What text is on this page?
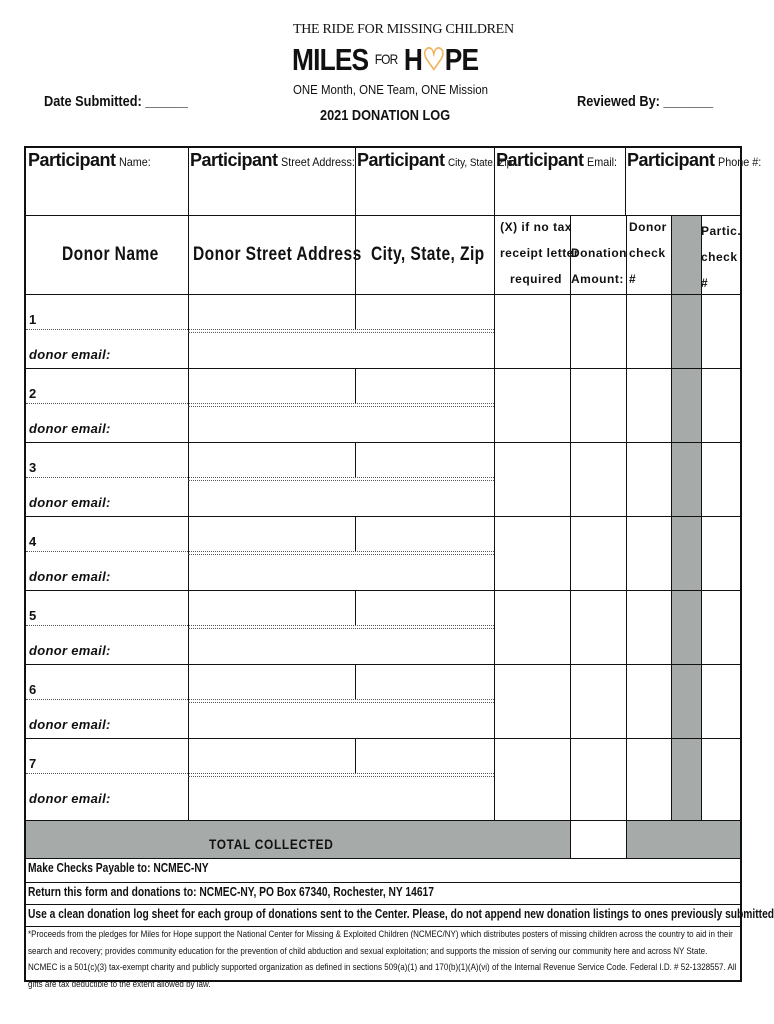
THE RIDE FOR MISSING CHILDREN
MILES FOR H♡PE
ONE Month, ONE Team, ONE Mission
Date Submitted: ______	Reviewed By: _______
2021 DONATION LOG
Participant Name: Participant Street Address: Participant City, State, Zip:
Participant Email: Participant Phone #:
Donor Name Donor Street Address City, State, Zip
(X) if no tax
receipt letter
required
Donation
Amount:
Donor
check
#
Partic.
check
#
TOTAL COLLECTED
Make Checks Payable to: NCMEC-NY
Return this form and donations to: NCMEC-NY, PO Box 67340, Rochester, NY 14617
Use a clean donation log sheet for each group of donations sent to the Center. Please, do not append new donation listings to ones previously submitted
*Proceeds from the pledges for Miles for Hope support the National Center for Missing & Exploited Children (NCMEC/NY) which distributes posters of missing children across the country to aid in their search and recovery; provides community education for the prevention of child abduction and sexual exploitation; and supports the mission of serving our community here and across NY State. NCMEC is a 501(c)(3) tax-exempt charity and publicly supported organization as defined in sections 509(a)(1) and 170(b)(1)(A)(vi) of the Internal Revenue Service Code. Federal I.D. # 52-1328557. All gifts are tax deductible to the extent allowed by law.
1
donor email:
2
donor email:
3
donor email:
4
donor email:
5
donor email:
6
donor email:
7
donor email:
